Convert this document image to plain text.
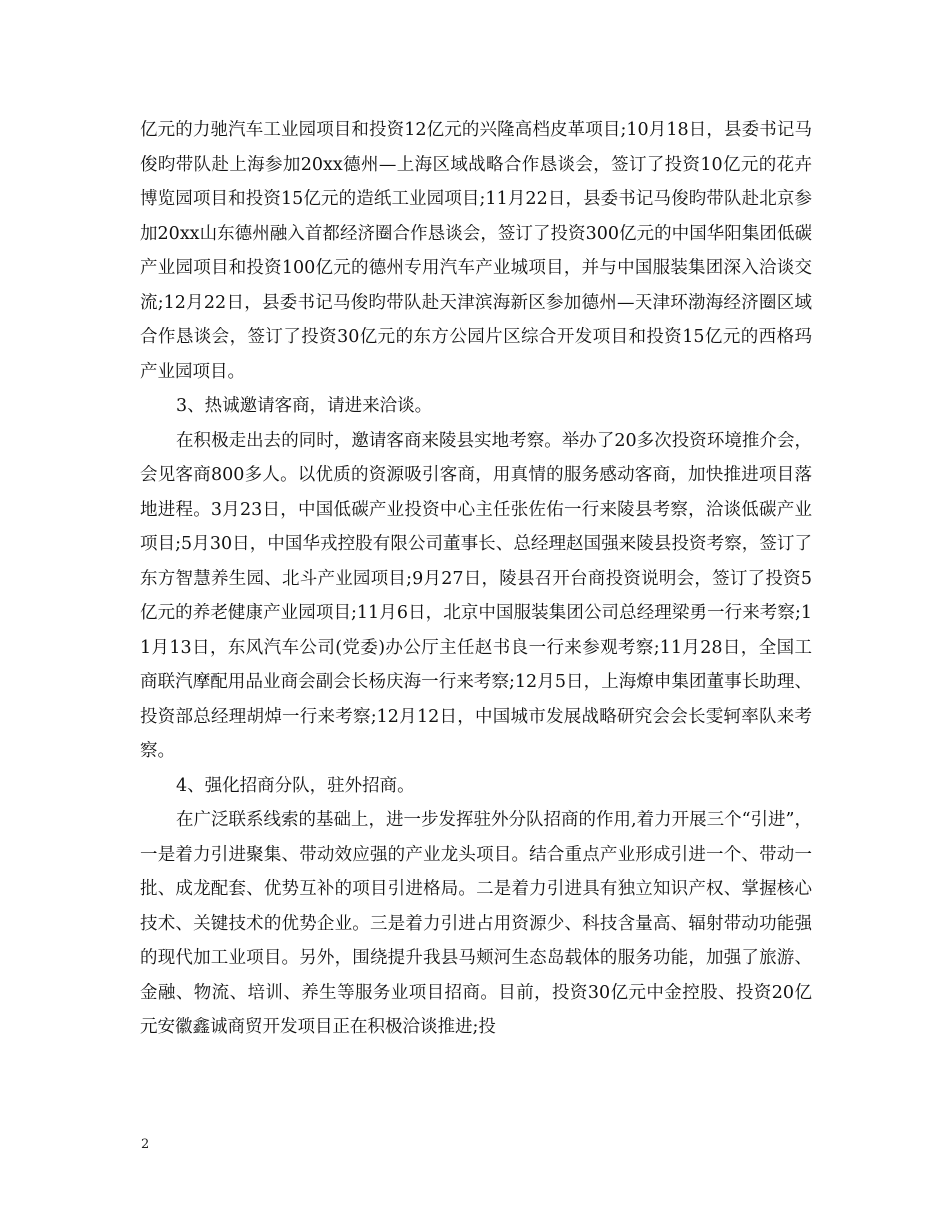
亿元的力驰汽车工业园项目和投资12亿元的兴隆高档皮革项目;10月18日，县委书记马俊昀带队赴上海参加20xx德州—上海区域战略合作恳谈会，签订了投资10亿元的花卉博览园项目和投资15亿元的造纸工业园项目;11月22日，县委书记马俊昀带队赴北京参加20xx山东德州融入首都经济圈合作恳谈会，签订了投资300亿元的中国华阳集团低碳产业园项目和投资100亿元的德州专用汽车产业城项目，并与中国服装集团深入洽谈交流;12月22日，县委书记马俊昀带队赴天津滨海新区参加德州—天津环渤海经济圈区域合作恳谈会，签订了投资30亿元的东方公园片区综合开发项目和投资15亿元的西格玛产业园项目。

3、热诚邀请客商，请进来洽谈。

在积极走出去的同时，邀请客商来陵县实地考察。举办了20多次投资环境推介会，会见客商800多人。以优质的资源吸引客商，用真情的服务感动客商，加快推进项目落地进程。3月23日，中国低碳产业投资中心主任张佐佑一行来陵县考察，洽谈低碳产业项目;5月30日，中国华戎控股有限公司董事长、总经理赵国强来陵县投资考察，签订了东方智慧养生园、北斗产业园项目;9月27日，陵县召开台商投资说明会，签订了投资5亿元的养老健康产业园项目;11月6日，北京中国服装集团公司总经理梁勇一行来考察;11月13日，东风汽车公司(党委)办公厅主任赵书良一行来参观考察;11月28日，全国工商联汽摩配用品业商会副会长杨庆海一行来考察;12月5日，上海燎申集团董事长助理、投资部总经理胡焯一行来考察;12月12日，中国城市发展战略研究会会长雯轲率队来考察。

4、强化招商分队，驻外招商。

在广泛联系线索的基础上，进一步发挥驻外分队招商的作用,着力开展三个“引进”，一是着力引进聚集、带动效应强的产业龙头项目。结合重点产业形成引进一个、带动一批、成龙配套、优势互补的项目引进格局。二是着力引进具有独立知识产权、掌握核心技术、关键技术的优势企业。三是着力引进占用资源少、科技含量高、辐射带动功能强的现代加工业项目。另外，围绕提升我县马颊河生态岛载体的服务功能，加强了旅游、金融、物流、培训、养生等服务业项目招商。目前，投资30亿元中金控股、投资20亿元安徽鑫诚商贸开发项目正在积极洽谈推进;投

2
